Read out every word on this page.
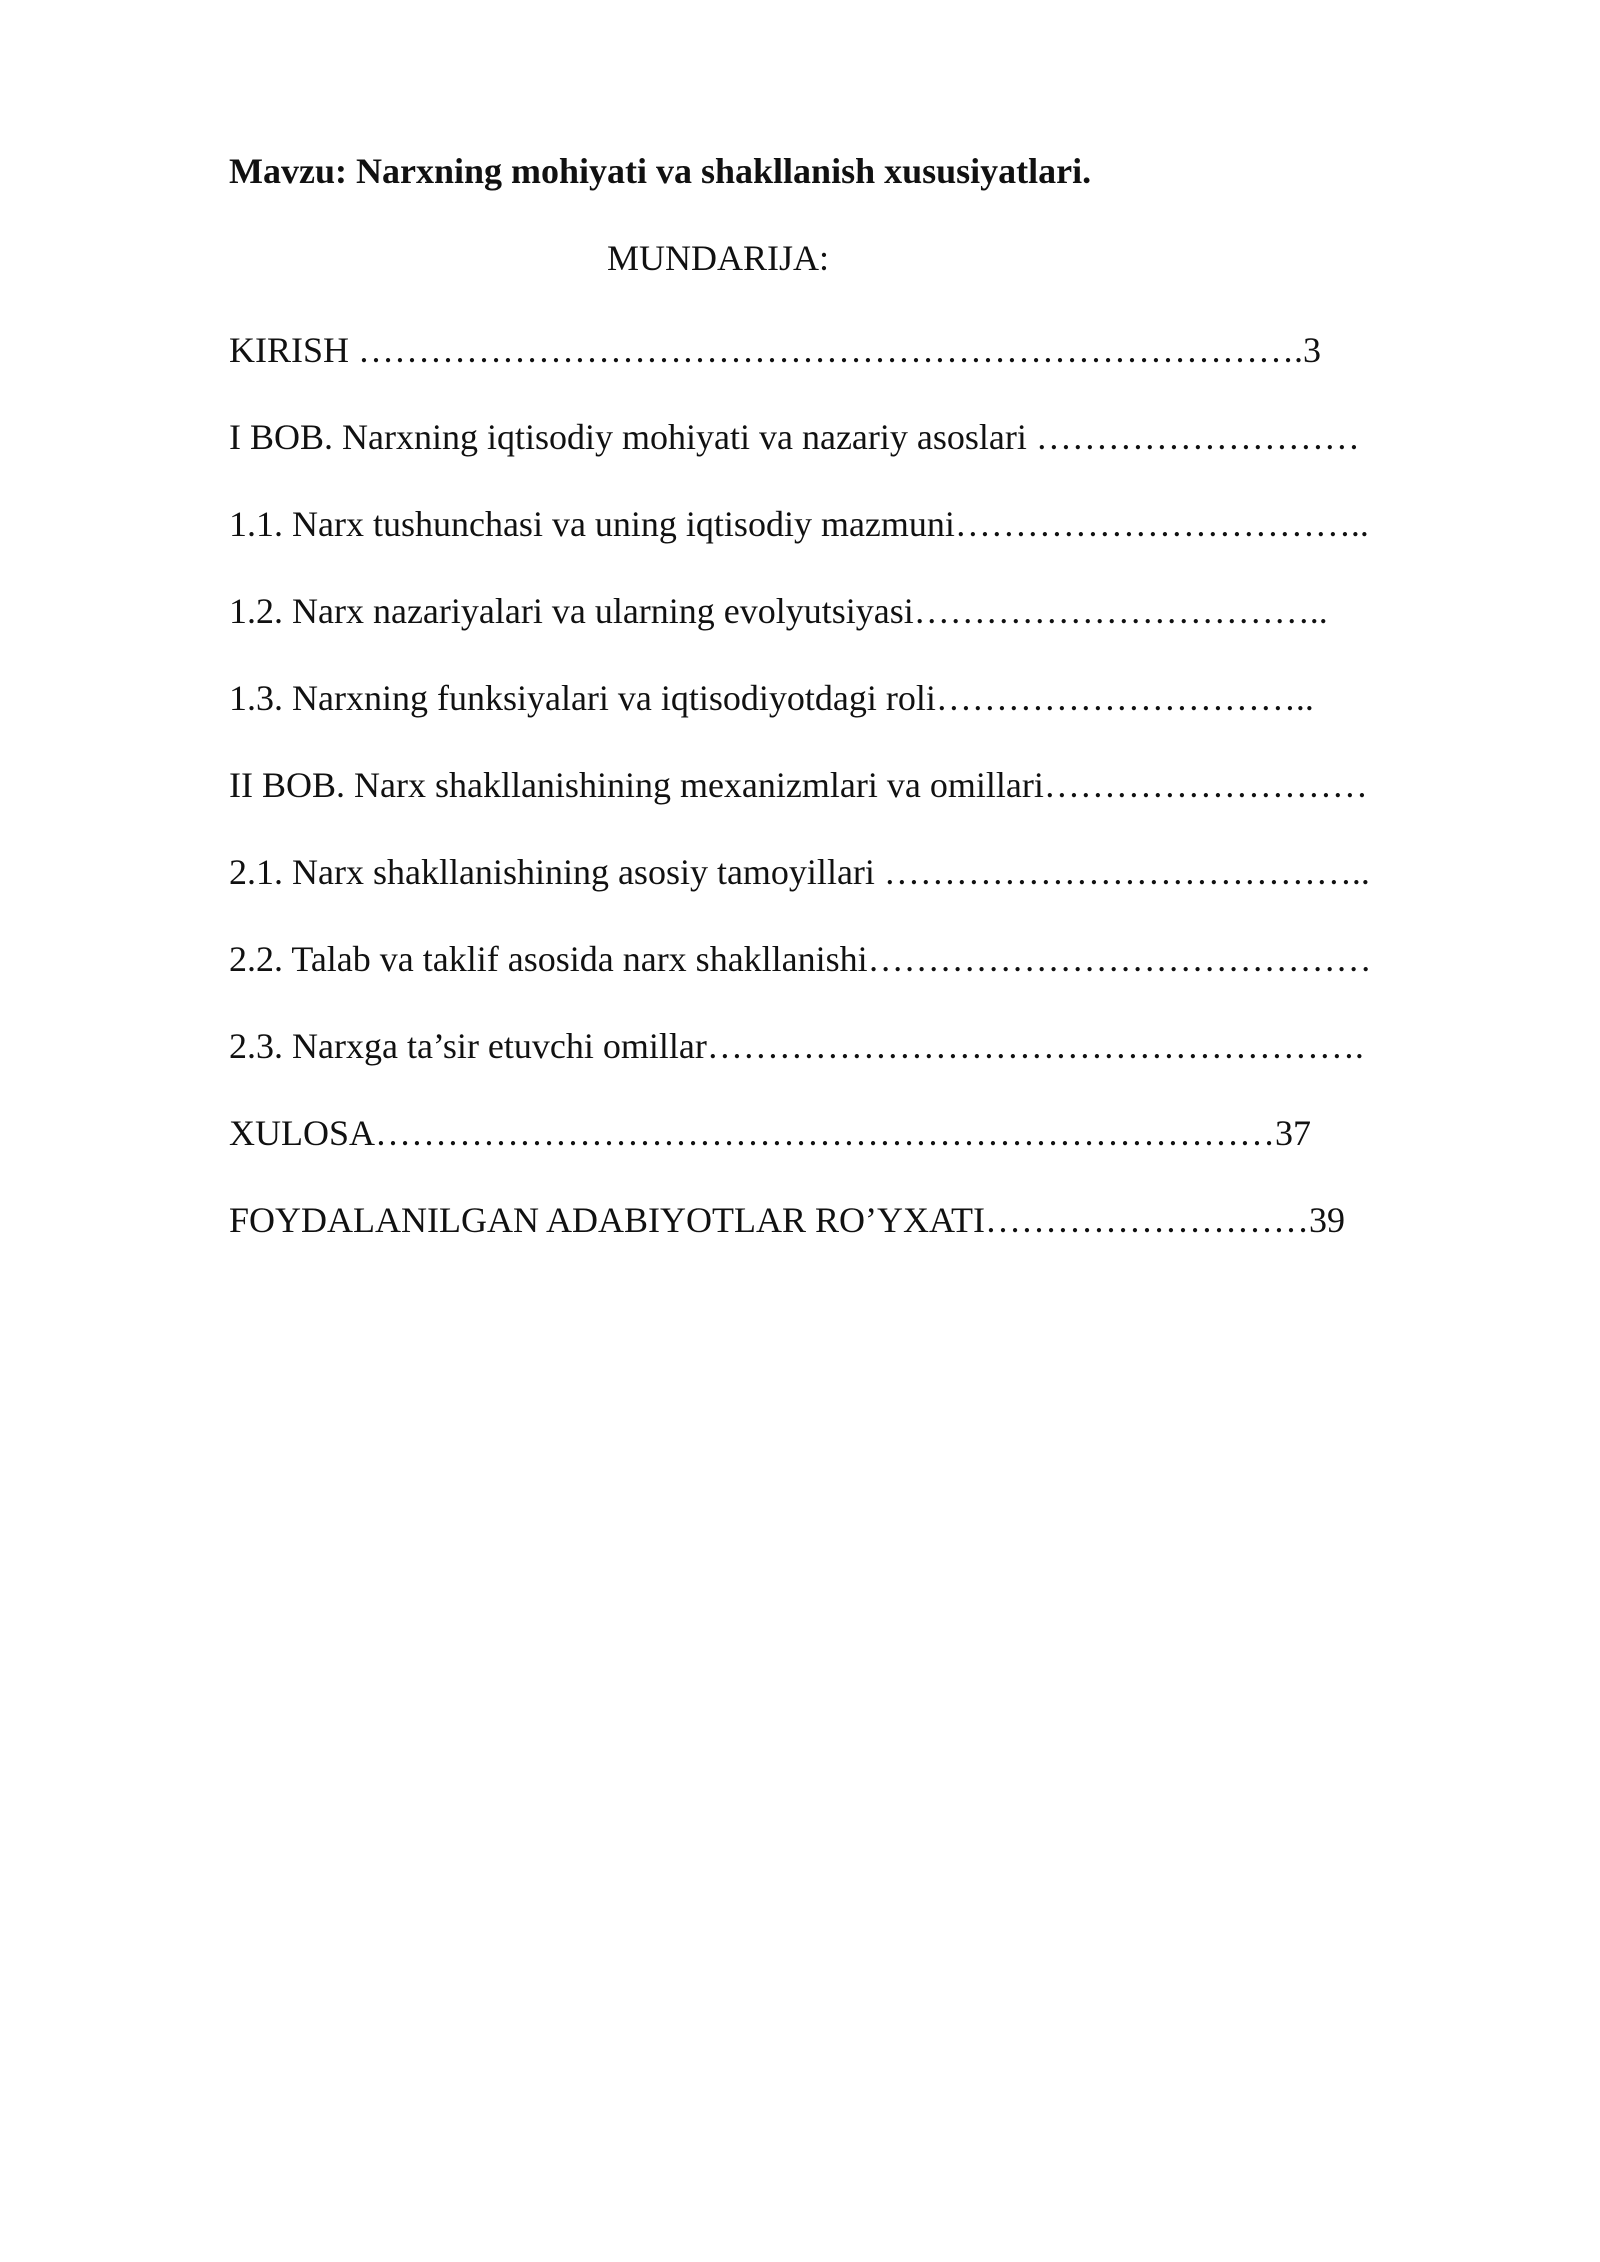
Mavzu: Narxning mohiyati va shakllanish xususiyatlari.
MUNDARIJA:
KIRISH …………………………………………………………………….3
I BOB. Narxning iqtisodiy mohiyati va nazariy asoslari ………………………
1.1. Narx tushunchasi va uning iqtisodiy mazmuni……………………………..
1.2. Narx nazariyalari va ularning evolyutsiyasi……………………………..
1.3. Narxning funksiyalari va iqtisodiyotdagi roli…………………………..
II BOB. Narx shakllanishining mexanizmlari va omillari………………………
2.1. Narx shakllanishining asosiy tamoyillari …………………………………..
2.2. Talab va taklif asosida narx shakllanishi……………………………………
2.3. Narxga ta’sir etuvchi omillar……………………………………………….
XULOSA…………………………………………………………………37
FOYDALANILGAN ADABIYOTLAR RO’YXATI………………………39
